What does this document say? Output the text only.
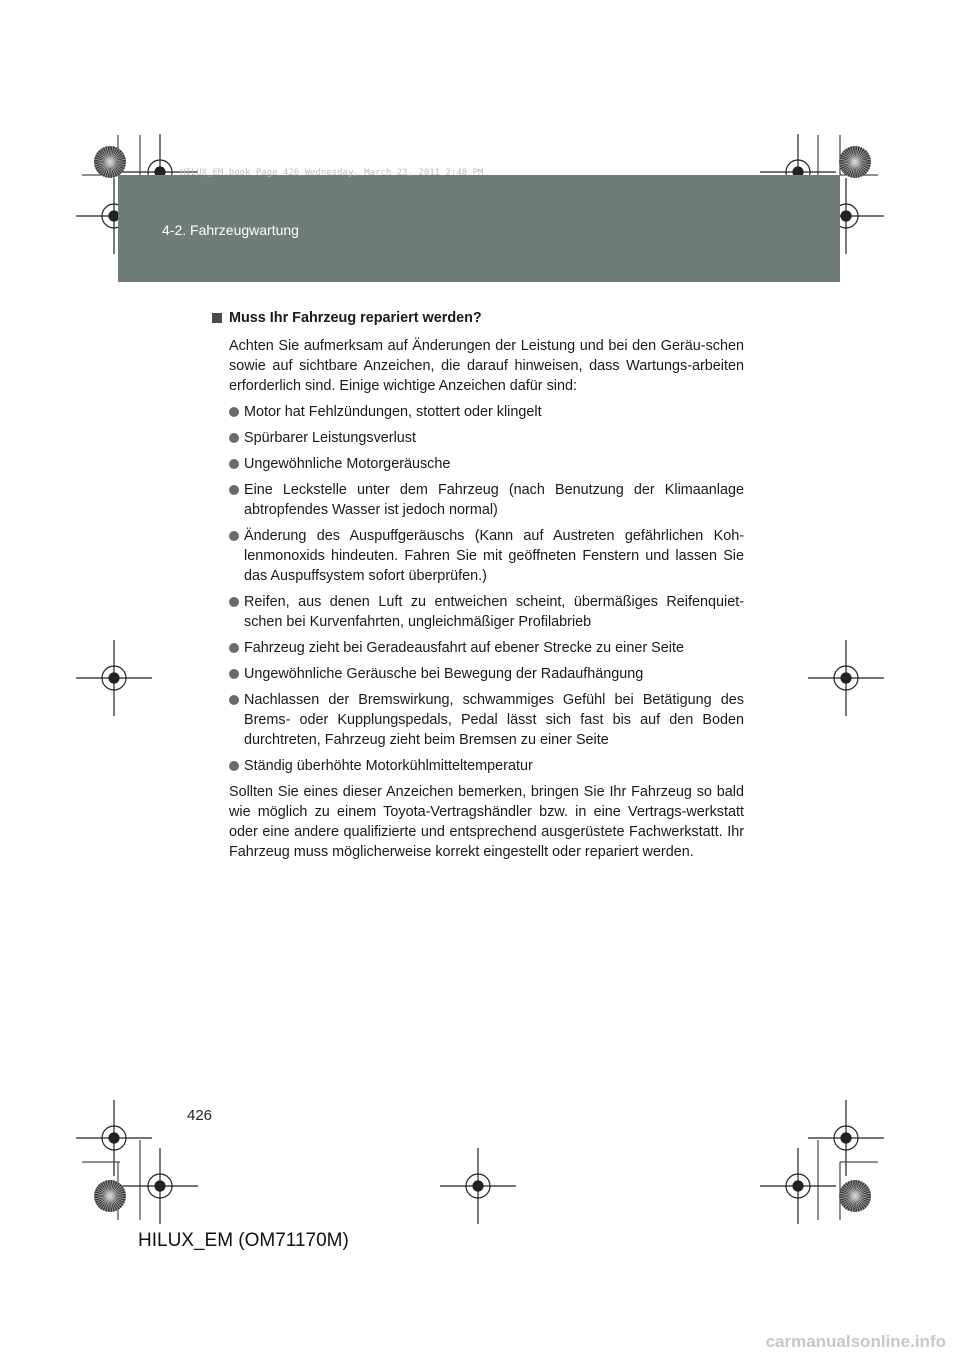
HILUX_EM.book Page 426 Wednesday, March 23, 2011 2:48 PM
4-2. Fahrzeugwartung
Muss Ihr Fahrzeug repariert werden?
Achten Sie aufmerksam auf Änderungen der Leistung und bei den Geräu-schen sowie auf sichtbare Anzeichen, die darauf hinweisen, dass Wartungs-arbeiten erforderlich sind. Einige wichtige Anzeichen dafür sind:
Motor hat Fehlzündungen, stottert oder klingelt
Spürbarer Leistungsverlust
Ungewöhnliche Motorgeräusche
Eine Leckstelle unter dem Fahrzeug (nach Benutzung der Klimaanlage abtropfendes Wasser ist jedoch normal)
Änderung des Auspuffgeräuschs (Kann auf Austreten gefährlichen Koh-lenmonoxids hindeuten. Fahren Sie mit geöffneten Fenstern und lassen Sie das Auspuffsystem sofort überprüfen.)
Reifen, aus denen Luft zu entweichen scheint, übermäßiges Reifenquiet-schen bei Kurvenfahrten, ungleichmäßiger Profilabrieb
Fahrzeug zieht bei Geradeausfahrt auf ebener Strecke zu einer Seite
Ungewöhnliche Geräusche bei Bewegung der Radaufhängung
Nachlassen der Bremswirkung, schwammiges Gefühl bei Betätigung des Brems- oder Kupplungspedals, Pedal lässt sich fast bis auf den Boden durchtreten, Fahrzeug zieht beim Bremsen zu einer Seite
Ständig überhöhte Motorkühlmitteltemperatur
Sollten Sie eines dieser Anzeichen bemerken, bringen Sie Ihr Fahrzeug so bald wie möglich zu einem Toyota-Vertragshändler bzw. in eine Vertrags-werkstatt oder eine andere qualifizierte und entsprechend ausgerüstete Fachwerkstatt. Ihr Fahrzeug muss möglicherweise korrekt eingestellt oder repariert werden.
426
HILUX_EM (OM71170M)
carmanualsonline.info
